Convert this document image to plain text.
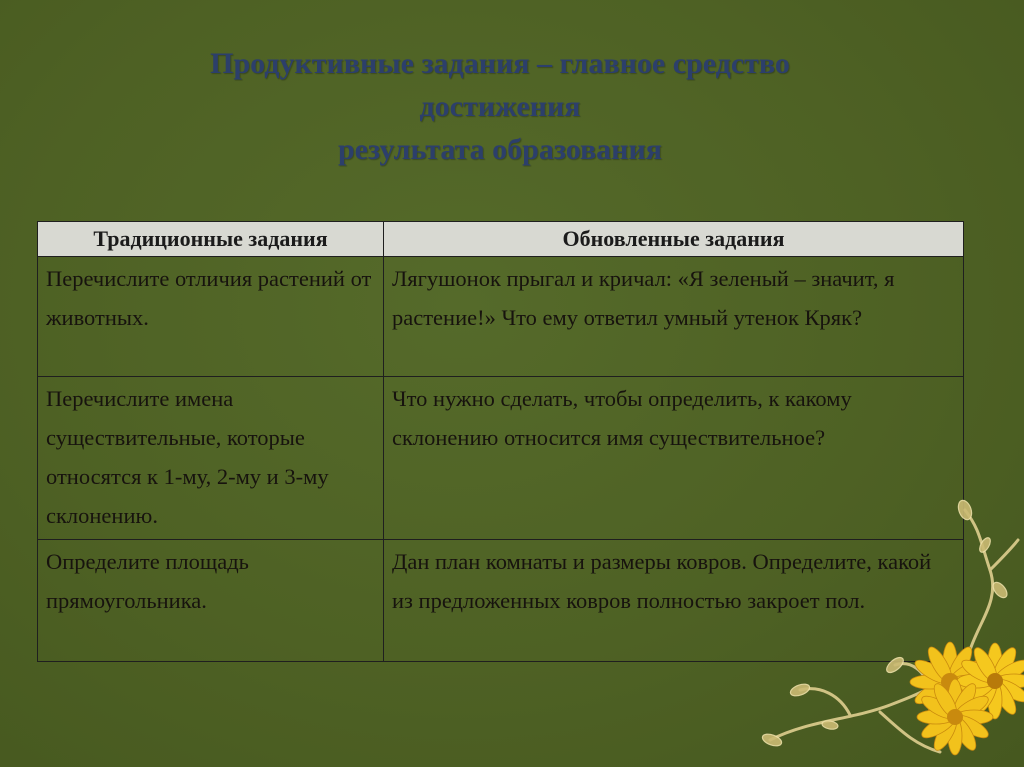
Продуктивные задания – главное средство
достижения
результата образования
Традиционные задания	Обновленные задания
Перечислите отличия растений от животных.	Лягушонок прыгал и кричал: «Я зеленый – значит, я растение!» Что ему ответил умный утенок Кряк?
Перечислите имена существительные, которые относятся к 1-му, 2-му и 3-му склонению.	Что нужно сделать, чтобы определить, к какому склонению относится имя существительное?
Определите площадь прямоугольника.	Дан план комнаты и размеры ковров. Определите, какой из предложенных ковров полностью закроет пол.
